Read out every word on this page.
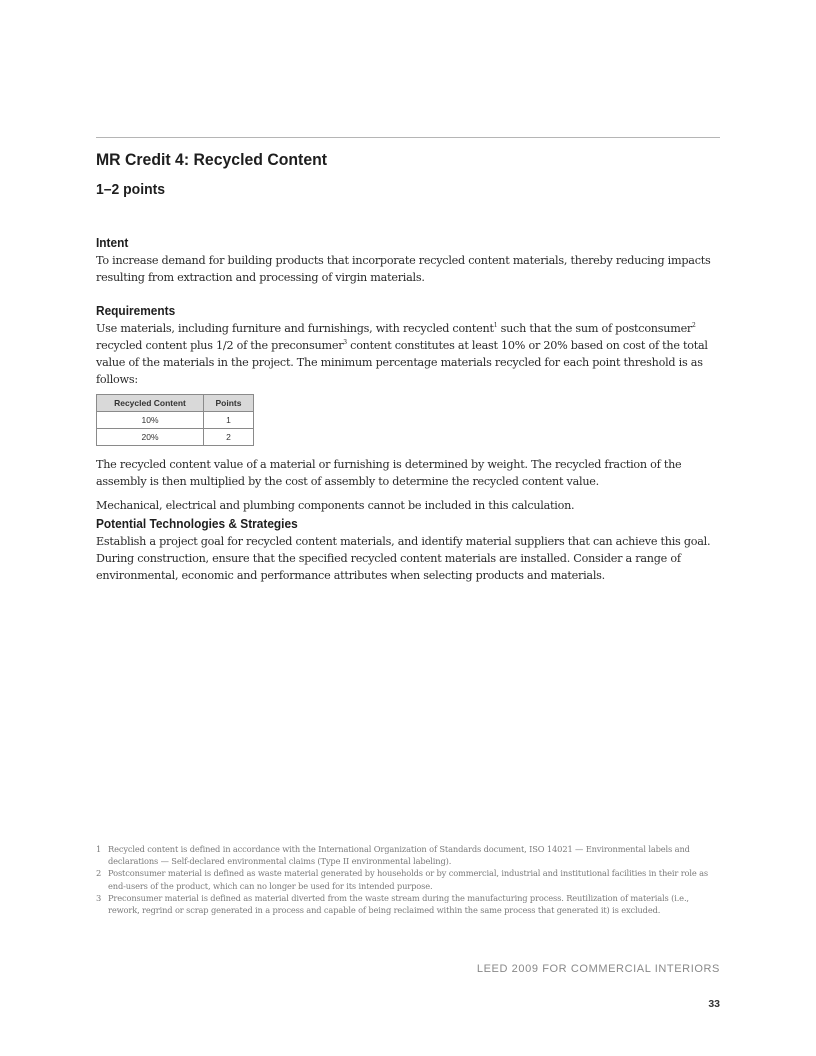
MR Credit 4: Recycled Content
1–2 points
Intent

To increase demand for building products that incorporate recycled content materials, thereby reducing impacts resulting from extraction and processing of virgin materials.

Requirements

Use materials, including furniture and furnishings, with recycled content$^1$ such that the sum of postconsumer$^2$ recycled content plus 1/2 of the preconsumer$^3$ content constitutes at least 10% or 20% based on cost of the total value of the materials in the project. The minimum percentage materials recycled for each point threshold is as follows:

Recycled Content	Points
10%	1
20%	2

The recycled content value of a material or furnishing is determined by weight. The recycled fraction of the assembly is then multiplied by the cost of assembly to determine the recycled content value.

Mechanical, electrical and plumbing components cannot be included in this calculation.

Potential Technologies & Strategies

Establish a project goal for recycled content materials, and identify material suppliers that can achieve this goal. During construction, ensure that the specified recycled content materials are installed. Consider a range of environmental, economic and performance attributes when selecting products and materials.

1 Recycled content is defined in accordance with the International Organization of Standards document, ISO 14021 — Environmental labels and declarations — Self-declared environmental claims (Type II environmental labeling).
2 Postconsumer material is defined as waste material generated by households or by commercial, industrial and institutional facilities in their role as end-users of the product, which can no longer be used for its intended purpose.
3 Preconsumer material is defined as material diverted from the waste stream during the manufacturing process. Reutilization of materials (i.e., rework, regrind or scrap generated in a process and capable of being reclaimed within the same process that generated it) is excluded.
LEED 2009 FOR COMMERCIAL INTERIORS
33
